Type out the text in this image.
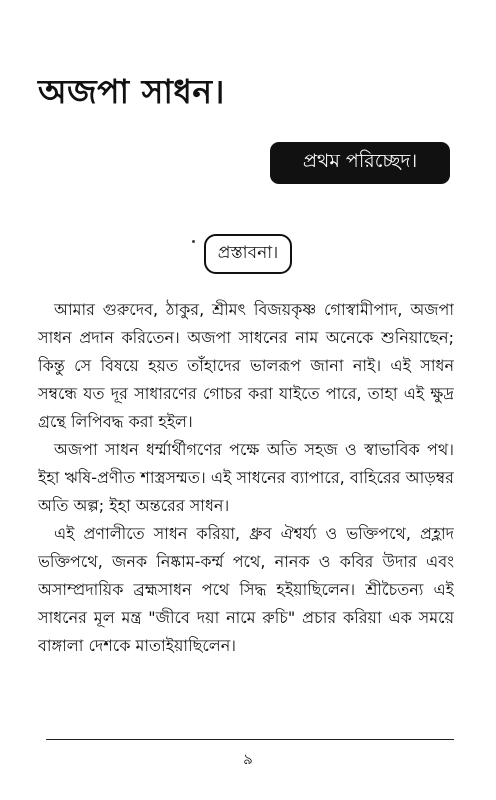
অজপা সাধন।
প্রথম পরিচ্ছেদ।
প্রস্তাবনা।
আমার গুরুদেব, ঠাকুর, শ্রীমৎ বিজয়কৃষ্ণ গোস্বামীপাদ, অজপা
সাধন প্রদান করিতেন। অজপা সাধনের নাম অনেকে শুনিয়াছেন;
কিন্তু সে বিষয়ে হয়ত তাঁহাদের ভালরূপ জানা নাই। এই সাধন
সম্বন্ধে যত দূর সাধারণের গোচর করা যাইতে পারে, তাহা এই ক্ষুদ্র
গ্রন্থে লিপিবদ্ধ করা হইল।
অজপা সাধন ধর্ম্মার্থীগণের পক্ষে অতি সহজ ও স্বাভাবিক পথ।
ইহা ঋষি-প্রণীত শাস্ত্রসম্মত। এই সাধনের ব্যাপারে, বাহিরের আড়ম্বর
অতি অল্প; ইহা অন্তরের সাধন।
এই প্রণালীতে সাধন করিয়া, ধ্রুব ঐশ্বর্য্য ও ভক্তিপথে, প্রহ্লাদ
ভক্তিপথে, জনক নিষ্কাম-কর্ম্ম পথে, নানক ও কবির উদার এবং
অসাম্প্রদায়িক ব্রহ্মসাধন পথে সিদ্ধ হইয়াছিলেন। শ্রীচৈতন্য এই
সাধনের মূল মন্ত্র "জীবে দয়া নামে রুচি" প্রচার করিয়া এক সময়ে
বাঙ্গালা দেশকে মাতাইয়াছিলেন।
৯
